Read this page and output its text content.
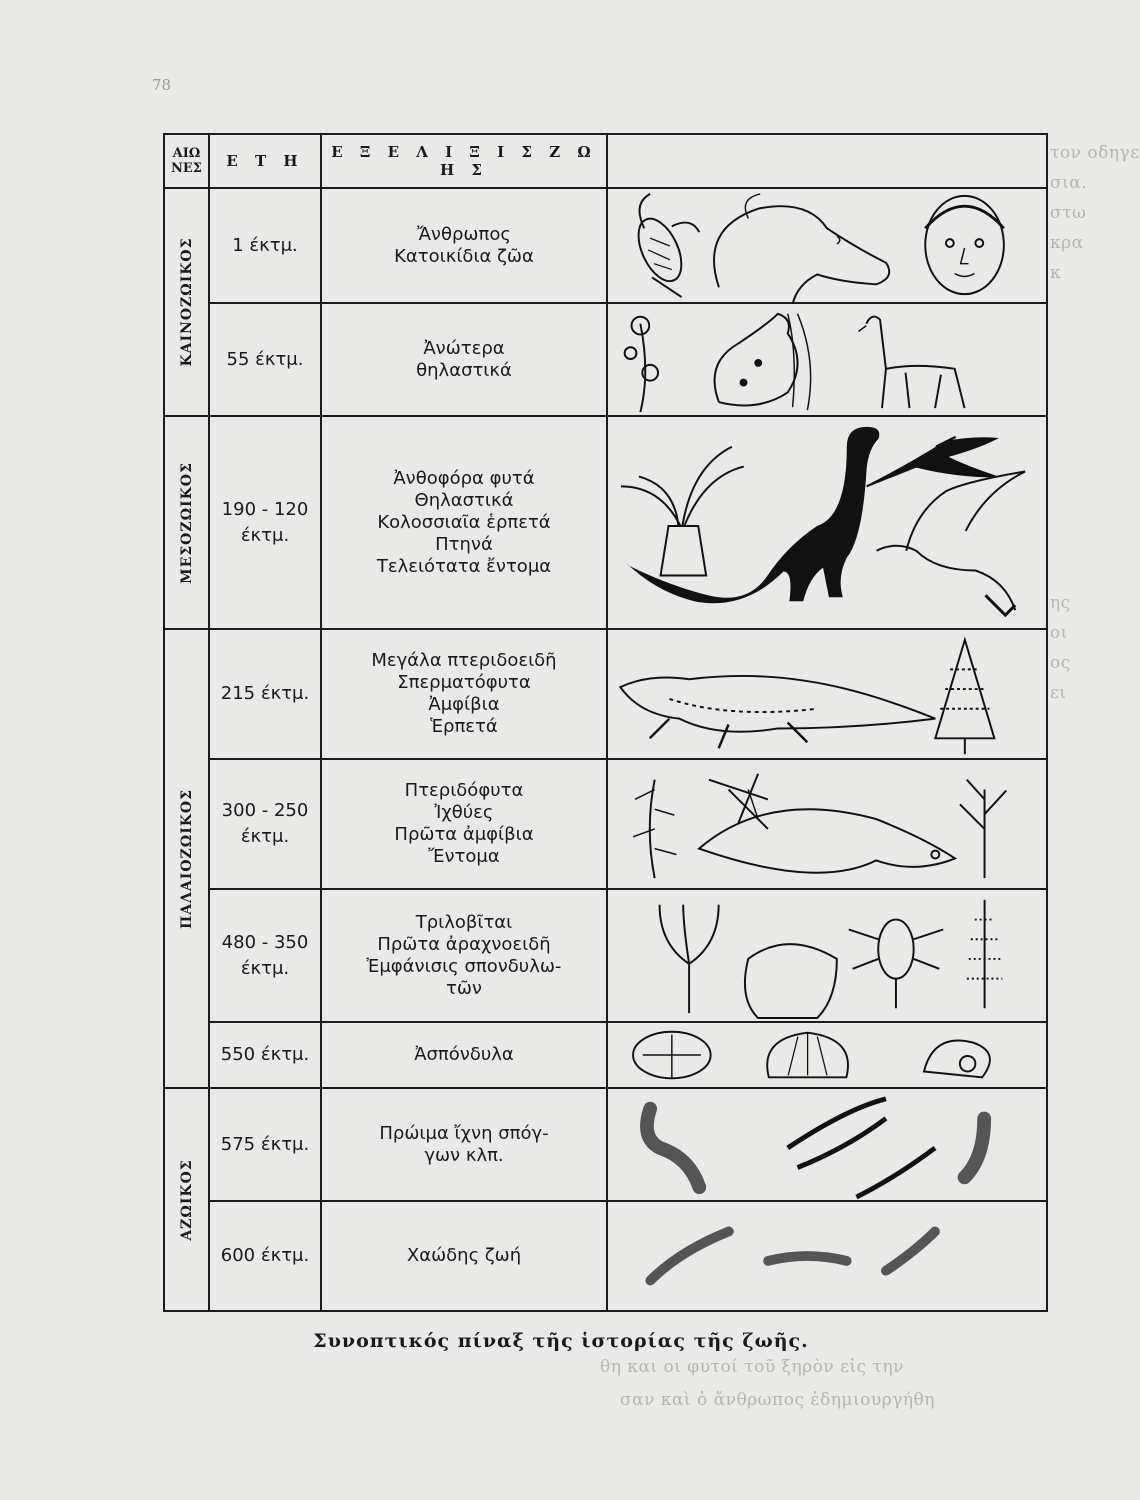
τον οδηγε
σια.
στω
κρα
κ
ης
οι
ος
ει
θη και οι φυτοί τοῦ ξηρὸν εἰς την
σαν καὶ ὁ ἄνθρωπος ἐδημιουργήθη
78
ΑΙΩ
ΝΕΣ	Ε Τ Η	Ε Ξ Ε Λ Ι Ξ Ι Σ Ζ Ω Η Σ	

ΚΑΙΝΟΖΩΙΚΟΣ	1 έκτμ.	Ἄνθρωπος
Κατοικίδια ζῶα	

	55 έκτμ.	Ἀνώτερα
θηλαστικά	

ΜΕΣΟΖΩΙΚΟΣ	190 - 120
έκτμ.	Ἀνθοφόρα φυτά
Θηλαστικά
Κολοσσιαῖα ἑρπετά
Πτηνά
Τελειότατα ἔντομα	

ΠΑΛΑΙΟΖΩΙΚΟΣ	215 έκτμ.	Μεγάλα πτεριδοειδῆ
Σπερματόφυτα
Ἀμφίβια
Ἑρπετά	

	300 - 250
έκτμ.	Πτεριδόφυτα
Ἰχθύες
Πρῶτα ἀμφίβια
Ἔντομα	

	480 - 350
έκτμ.	Τριλοβῖται
Πρῶτα ἀραχνοειδῆ
Ἐμφάνισις σπονδυλω-
τῶν	

	550 έκτμ.	Ἀσπόνδυλα	

ΑΖΩΙΚΟΣ	575 έκτμ.	Πρώιμα ἴχνη σπόγ-
γων κλπ.	

	600 έκτμ.	Χαώδης ζωή	
Συνοπτικός πίναξ τῆς ἱστορίας τῆς ζωῆς.
